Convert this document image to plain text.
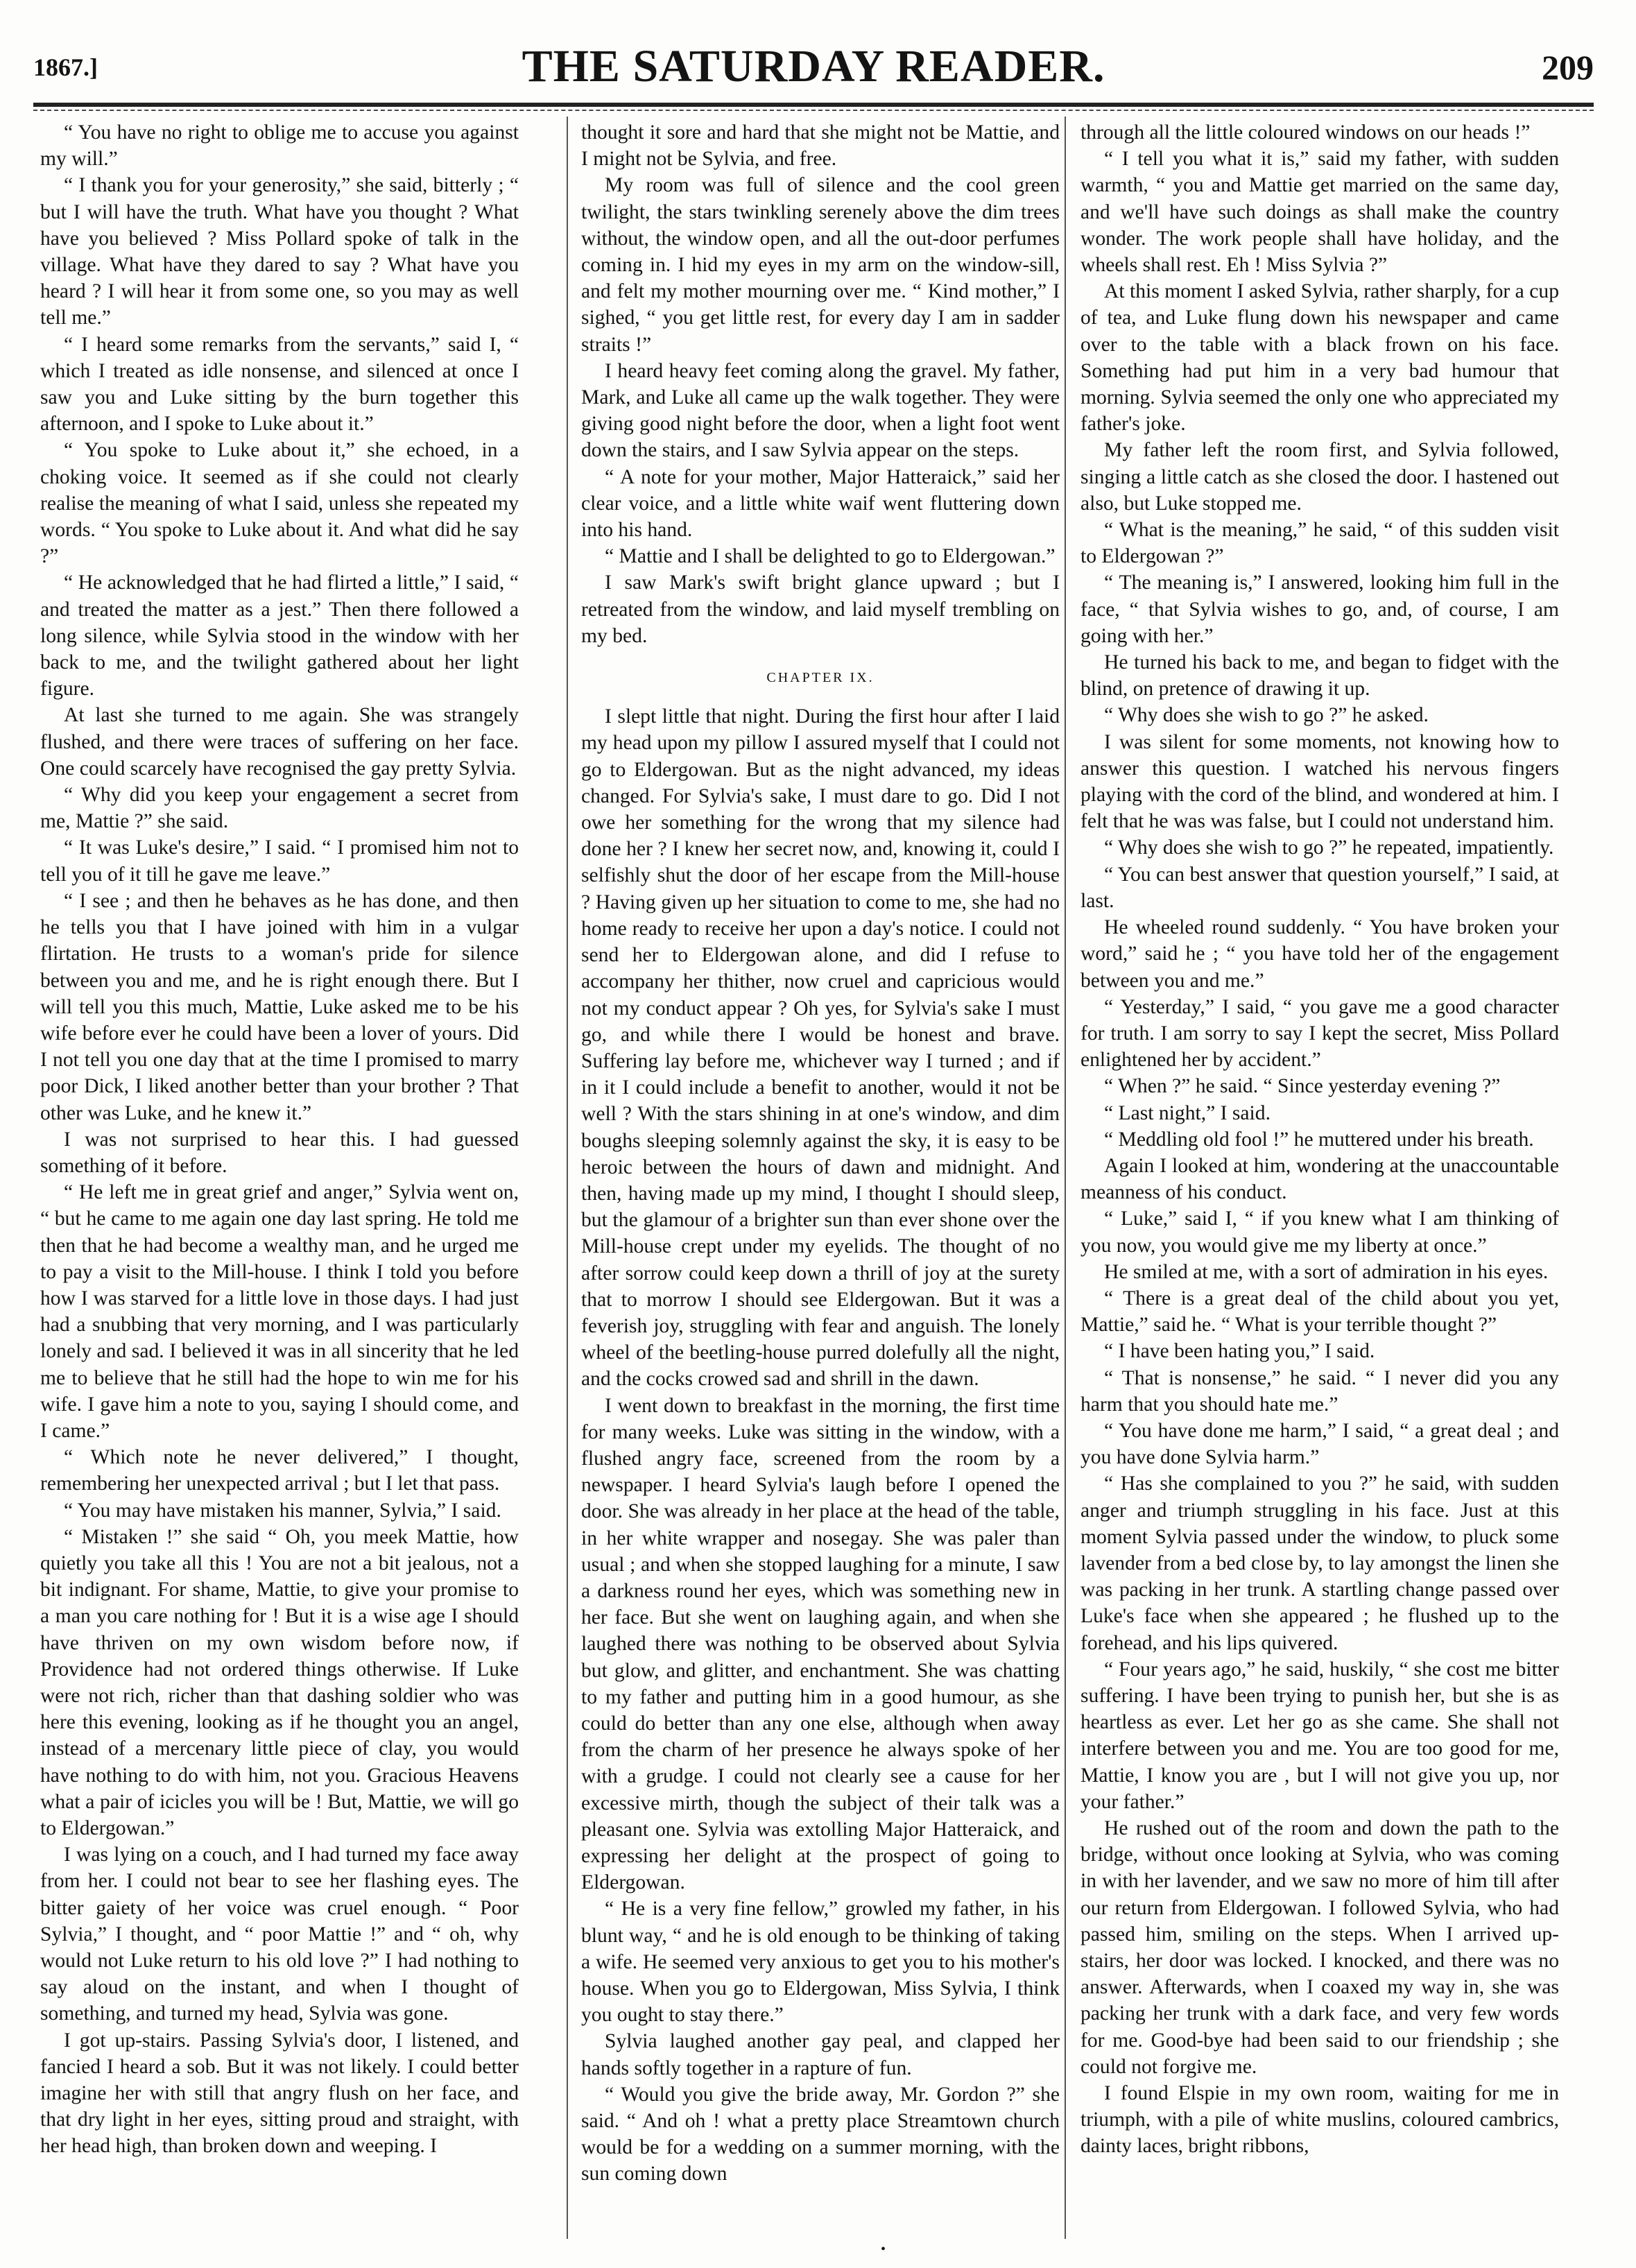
1867.]	THE SATURDAY READER.	209

“ You have no right to oblige me to accuse you against my will.”

“ I thank you for your generosity,” she said, bitterly ; “ but I will have the truth. What have you thought ? What have you believed ? Miss Pollard spoke of talk in the village. What have they dared to say ? What have you heard ? I will hear it from some one, so you may as well tell me.”

“ I heard some remarks from the servants,” said I, “ which I treated as idle nonsense, and silenced at once I saw you and Luke sitting by the burn together this afternoon, and I spoke to Luke about it.”

“ You spoke to Luke about it,” she echoed, in a choking voice. It seemed as if she could not clearly realise the meaning of what I said, unless she repeated my words. “ You spoke to Luke about it. And what did he say ?”

“ He acknowledged that he had flirted a little,” I said, “ and treated the matter as a jest.” Then there followed a long silence, while Sylvia stood in the window with her back to me, and the twilight gathered about her light figure.

At last she turned to me again. She was strangely flushed, and there were traces of suffering on her face. One could scarcely have recognised the gay pretty Sylvia.

“ Why did you keep your engagement a secret from me, Mattie ?” she said.

“ It was Luke's desire,” I said. “ I promised him not to tell you of it till he gave me leave.”

“ I see ; and then he behaves as he has done, and then he tells you that I have joined with him in a vulgar flirtation. He trusts to a woman's pride for silence between you and me, and he is right enough there. But I will tell you this much, Mattie, Luke asked me to be his wife before ever he could have been a lover of yours. Did I not tell you one day that at the time I promised to marry poor Dick, I liked another better than your brother ? That other was Luke, and he knew it.”

I was not surprised to hear this. I had guessed something of it before.

“ He left me in great grief and anger,” Sylvia went on, “ but he came to me again one day last spring. He told me then that he had become a wealthy man, and he urged me to pay a visit to the Mill-house. I think I told you before how I was starved for a little love in those days. I had just had a snubbing that very morning, and I was particularly lonely and sad. I believed it was in all sincerity that he led me to believe that he still had the hope to win me for his wife. I gave him a note to you, saying I should come, and I came.”

“ Which note he never delivered,” I thought, remembering her unexpected arrival ; but I let that pass.

“ You may have mistaken his manner, Sylvia,” I said.

“ Mistaken !” she said “ Oh, you meek Mattie, how quietly you take all this ! You are not a bit jealous, not a bit indignant. For shame, Mattie, to give your promise to a man you care nothing for ! But it is a wise age I should have thriven on my own wisdom before now, if Providence had not ordered things otherwise. If Luke were not rich, richer than that dashing soldier who was here this evening, looking as if he thought you an angel, instead of a mercenary little piece of clay, you would have nothing to do with him, not you. Gracious Heavens what a pair of icicles you will be ! But, Mattie, we will go to Eldergowan.”

I was lying on a couch, and I had turned my face away from her. I could not bear to see her flashing eyes. The bitter gaiety of her voice was cruel enough. “ Poor Sylvia,” I thought, and “ poor Mattie !” and “ oh, why would not Luke return to his old love ?” I had nothing to say aloud on the instant, and when I thought of something, and turned my head, Sylvia was gone.

I got up-stairs. Passing Sylvia's door, I listened, and fancied I heard a sob. But it was not likely. I could better imagine her with still that angry flush on her face, and that dry light in her eyes, sitting proud and straight, with her head high, than broken down and weeping. I

thought it sore and hard that she might not be Mattie, and I might not be Sylvia, and free.

My room was full of silence and the cool green twilight, the stars twinkling serenely above the dim trees without, the window open, and all the out-door perfumes coming in. I hid my eyes in my arm on the window-sill, and felt my mother mourning over me. “ Kind mother,” I sighed, “ you get little rest, for every day I am in sadder straits !”

I heard heavy feet coming along the gravel. My father, Mark, and Luke all came up the walk together. They were giving good night before the door, when a light foot went down the stairs, and I saw Sylvia appear on the steps.

“ A note for your mother, Major Hatteraick,” said her clear voice, and a little white waif went fluttering down into his hand.

“ Mattie and I shall be delighted to go to Eldergowan.”

I saw Mark's swift bright glance upward ; but I retreated from the window, and laid myself trembling on my bed.

CHAPTER IX.

I slept little that night. During the first hour after I laid my head upon my pillow I assured myself that I could not go to Eldergowan. But as the night advanced, my ideas changed. For Sylvia's sake, I must dare to go. Did I not owe her something for the wrong that my silence had done her ? I knew her secret now, and, knowing it, could I selfishly shut the door of her escape from the Mill-house ? Having given up her situation to come to me, she had no home ready to receive her upon a day's notice. I could not send her to Eldergowan alone, and did I refuse to accompany her thither, now cruel and capricious would not my conduct appear ? Oh yes, for Sylvia's sake I must go, and while there I would be honest and brave. Suffering lay before me, whichever way I turned ; and if in it I could include a benefit to another, would it not be well ? With the stars shining in at one's window, and dim boughs sleeping solemnly against the sky, it is easy to be heroic between the hours of dawn and midnight. And then, having made up my mind, I thought I should sleep, but the glamour of a brighter sun than ever shone over the Mill-house crept under my eyelids. The thought of no after sorrow could keep down a thrill of joy at the surety that to morrow I should see Eldergowan. But it was a feverish joy, struggling with fear and anguish. The lonely wheel of the beetling-house purred dolefully all the night, and the cocks crowed sad and shrill in the dawn.

I went down to breakfast in the morning, the first time for many weeks. Luke was sitting in the window, with a flushed angry face, screened from the room by a newspaper. I heard Sylvia's laugh before I opened the door. She was already in her place at the head of the table, in her white wrapper and nosegay. She was paler than usual ; and when she stopped laughing for a minute, I saw a darkness round her eyes, which was something new in her face. But she went on laughing again, and when she laughed there was nothing to be observed about Sylvia but glow, and glitter, and enchantment. She was chatting to my father and putting him in a good humour, as she could do better than any one else, although when away from the charm of her presence he always spoke of her with a grudge. I could not clearly see a cause for her excessive mirth, though the subject of their talk was a pleasant one. Sylvia was extolling Major Hatteraick, and expressing her delight at the prospect of going to Eldergowan.

“ He is a very fine fellow,” growled my father, in his blunt way, “ and he is old enough to be thinking of taking a wife. He seemed very anxious to get you to his mother's house. When you go to Eldergowan, Miss Sylvia, I think you ought to stay there.”

Sylvia laughed another gay peal, and clapped her hands softly together in a rapture of fun.

“ Would you give the bride away, Mr. Gordon ?” she said. “ And oh ! what a pretty place Streamtown church would be for a wedding on a summer morning, with the sun coming down

through all the little coloured windows on our heads !”

“ I tell you what it is,” said my father, with sudden warmth, “ you and Mattie get married on the same day, and we'll have such doings as shall make the country wonder. The work people shall have holiday, and the wheels shall rest. Eh ! Miss Sylvia ?”

At this moment I asked Sylvia, rather sharply, for a cup of tea, and Luke flung down his newspaper and came over to the table with a black frown on his face. Something had put him in a very bad humour that morning. Sylvia seemed the only one who appreciated my father's joke.

My father left the room first, and Sylvia followed, singing a little catch as she closed the door. I hastened out also, but Luke stopped me.

“ What is the meaning,” he said, “ of this sudden visit to Eldergowan ?”

“ The meaning is,” I answered, looking him full in the face, “ that Sylvia wishes to go, and, of course, I am going with her.”

He turned his back to me, and began to fidget with the blind, on pretence of drawing it up.

“ Why does she wish to go ?” he asked.

I was silent for some moments, not knowing how to answer this question. I watched his nervous fingers playing with the cord of the blind, and wondered at him. I felt that he was was false, but I could not understand him.

“ Why does she wish to go ?” he repeated, impatiently.

“ You can best answer that question yourself,” I said, at last.

He wheeled round suddenly. “ You have broken your word,” said he ; “ you have told her of the engagement between you and me.”

“ Yesterday,” I said, “ you gave me a good character for truth. I am sorry to say I kept the secret, Miss Pollard enlightened her by accident.”

“ When ?” he said. “ Since yesterday evening ?”

“ Last night,” I said.

“ Meddling old fool !” he muttered under his breath.

Again I looked at him, wondering at the unaccountable meanness of his conduct.

“ Luke,” said I, “ if you knew what I am thinking of you now, you would give me my liberty at once.”

He smiled at me, with a sort of admiration in his eyes.

“ There is a great deal of the child about you yet, Mattie,” said he. “ What is your terrible thought ?”

“ I have been hating you,” I said.

“ That is nonsense,” he said. “ I never did you any harm that you should hate me.”

“ You have done me harm,” I said, “ a great deal ; and you have done Sylvia harm.”

“ Has she complained to you ?” he said, with sudden anger and triumph struggling in his face. Just at this moment Sylvia passed under the window, to pluck some lavender from a bed close by, to lay amongst the linen she was packing in her trunk. A startling change passed over Luke's face when she appeared ; he flushed up to the forehead, and his lips quivered.

“ Four years ago,” he said, huskily, “ she cost me bitter suffering. I have been trying to punish her, but she is as heartless as ever. Let her go as she came. She shall not interfere between you and me. You are too good for me, Mattie, I know you are , but I will not give you up, nor your father.”

He rushed out of the room and down the path to the bridge, without once looking at Sylvia, who was coming in with her lavender, and we saw no more of him till after our return from Eldergowan. I followed Sylvia, who had passed him, smiling on the steps. When I arrived up-stairs, her door was locked. I knocked, and there was no answer. Afterwards, when I coaxed my way in, she was packing her trunk with a dark face, and very few words for me. Good-bye had been said to our friendship ; she could not forgive me.

I found Elspie in my own room, waiting for me in triumph, with a pile of white muslins, coloured cambrics, dainty laces, bright ribbons,

•
